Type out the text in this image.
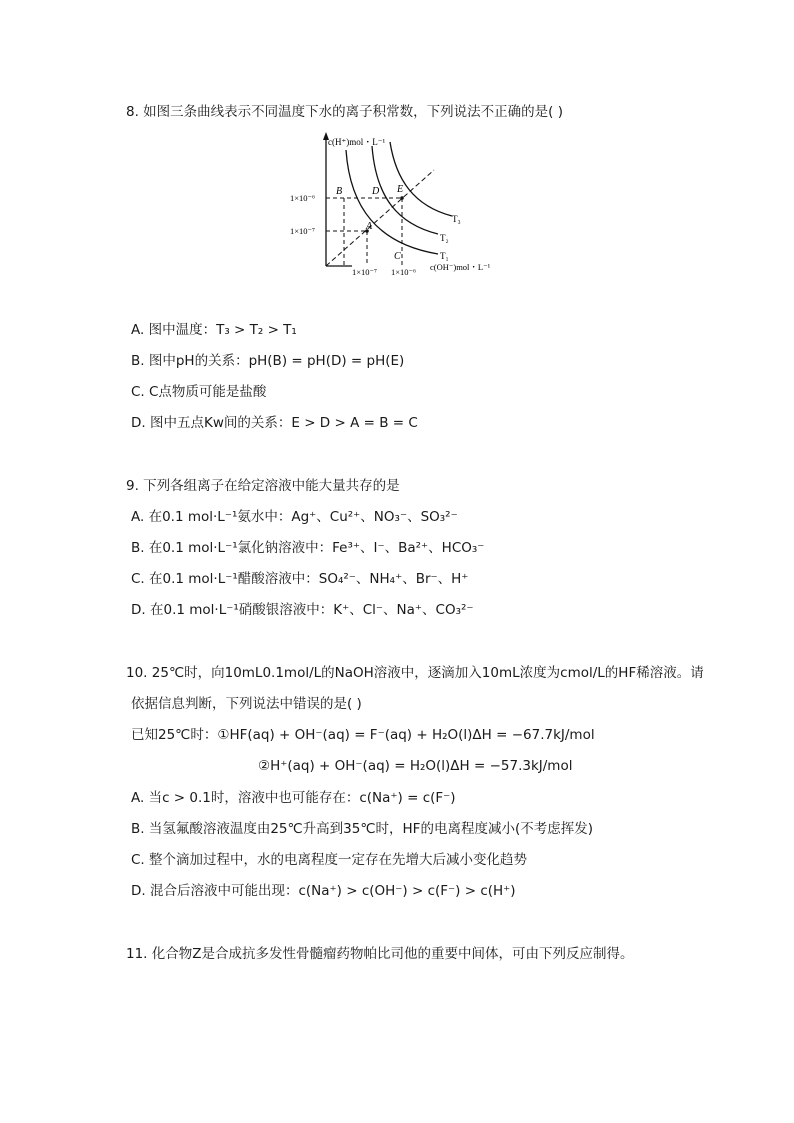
8. 如图三条曲线表示不同温度下水的离子积常数，下列说法不正确的是( )
c(H⁺)mol・L⁻¹
A
B
C
D E
T₃
T₂
T₁
1×10⁻⁶
1×10⁻⁷
1×10⁻⁷ 1×10⁻⁶ c(OH⁻)mol・L⁻¹
A. 图中温度：T₃ > T₂ > T₁
B. 图中pH的关系：pH(B) = pH(D) = pH(E)
C. C点物质可能是盐酸
D. 图中五点Kw间的关系：E > D > A = B = C
9. 下列各组离子在给定溶液中能大量共存的是
A. 在0.1 mol·L⁻¹氨水中：Ag⁺、Cu²⁺、NO₃⁻、SO₃²⁻
B. 在0.1 mol·L⁻¹氯化钠溶液中：Fe³⁺、I⁻、Ba²⁺、HCO₃⁻
C. 在0.1 mol·L⁻¹醋酸溶液中：SO₄²⁻、NH₄⁺、Br⁻、H⁺
D. 在0.1 mol·L⁻¹硝酸银溶液中：K⁺、Cl⁻、Na⁺、CO₃²⁻
10. 25℃时，向10mL0.1mol/L的NaOH溶液中，逐滴加入10mL浓度为cmol/L的HF稀溶液。请
依据信息判断，下列说法中错误的是( )
已知25℃时：①HF(aq) + OH⁻(aq) = F⁻(aq) + H₂O(l)ΔH = −67.7kJ/mol
②H⁺(aq) + OH⁻(aq) = H₂O(l)ΔH = −57.3kJ/mol
A. 当c > 0.1时，溶液中也可能存在：c(Na⁺) = c(F⁻)
B. 当氢氟酸溶液温度由25℃升高到35℃时，HF的电离程度减小(不考虑挥发)
C. 整个滴加过程中，水的电离程度一定存在先增大后减小变化趋势
D. 混合后溶液中可能出现：c(Na⁺) > c(OH⁻) > c(F⁻) > c(H⁺)
11. 化合物Z是合成抗多发性骨髓瘤药物帕比司他的重要中间体，可由下列反应制得。
